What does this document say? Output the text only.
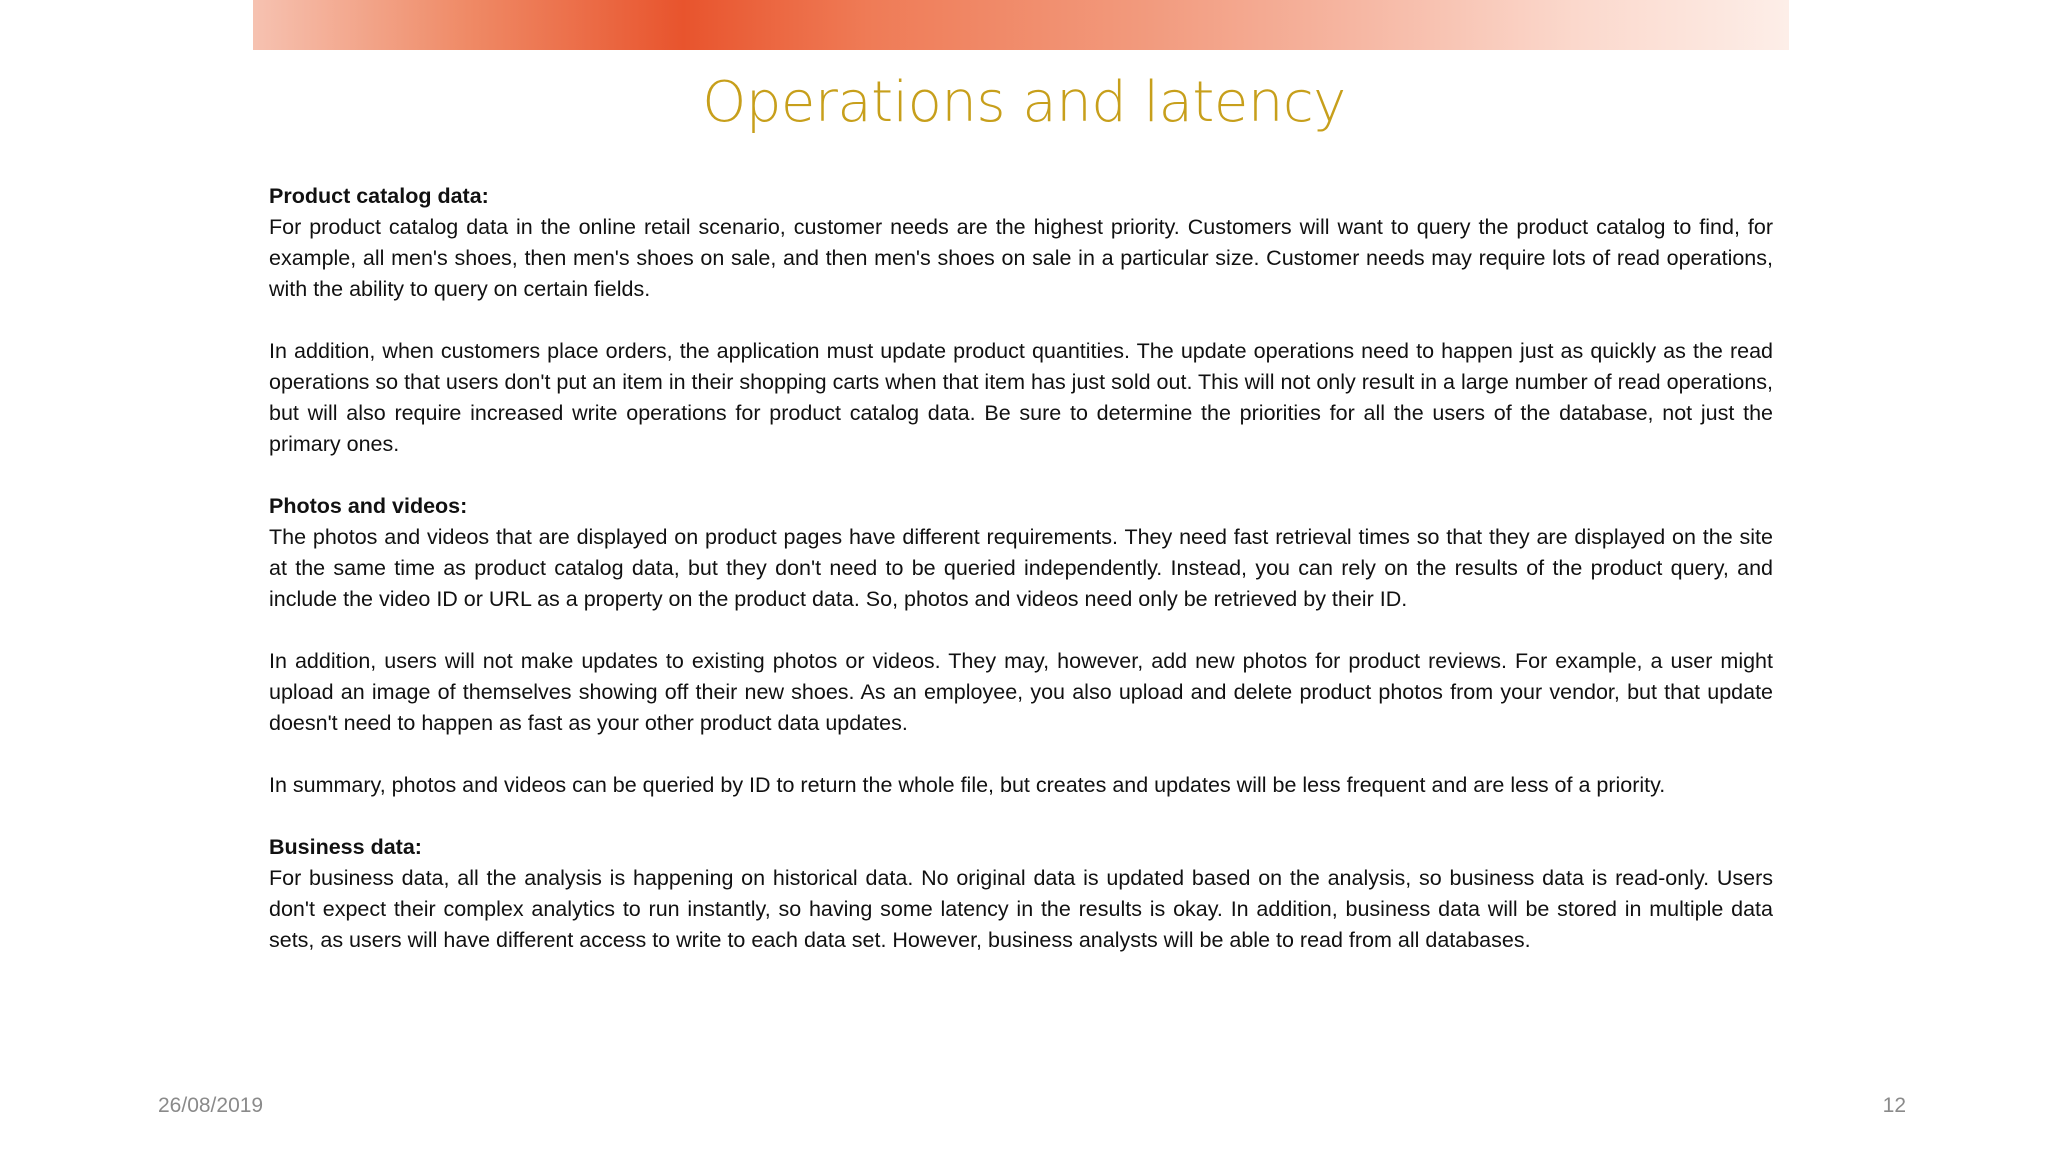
Operations and latency

Product catalog data:

For product catalog data in the online retail scenario, customer needs are the highest priority. Customers will want to query the product catalog to find, for example, all men's shoes, then men's shoes on sale, and then men's shoes on sale in a particular size. Customer needs may require lots of read operations, with the ability to query on certain fields.

In addition, when customers place orders, the application must update product quantities. The update operations need to happen just as quickly as the read operations so that users don't put an item in their shopping carts when that item has just sold out. This will not only result in a large number of read operations, but will also require increased write operations for product catalog data. Be sure to determine the priorities for all the users of the database, not just the primary ones.

Photos and videos:

The photos and videos that are displayed on product pages have different requirements. They need fast retrieval times so that they are displayed on the site at the same time as product catalog data, but they don't need to be queried independently. Instead, you can rely on the results of the product query, and include the video ID or URL as a property on the product data. So, photos and videos need only be retrieved by their ID.

In addition, users will not make updates to existing photos or videos. They may, however, add new photos for product reviews. For example, a user might upload an image of themselves showing off their new shoes. As an employee, you also upload and delete product photos from your vendor, but that update doesn't need to happen as fast as your other product data updates.

In summary, photos and videos can be queried by ID to return the whole file, but creates and updates will be less frequent and are less of a priority.

Business data:

For business data, all the analysis is happening on historical data. No original data is updated based on the analysis, so business data is read-only. Users don't expect their complex analytics to run instantly, so having some latency in the results is okay. In addition, business data will be stored in multiple data sets, as users will have different access to write to each data set. However, business analysts will be able to read from all databases.

26/08/2019	12
